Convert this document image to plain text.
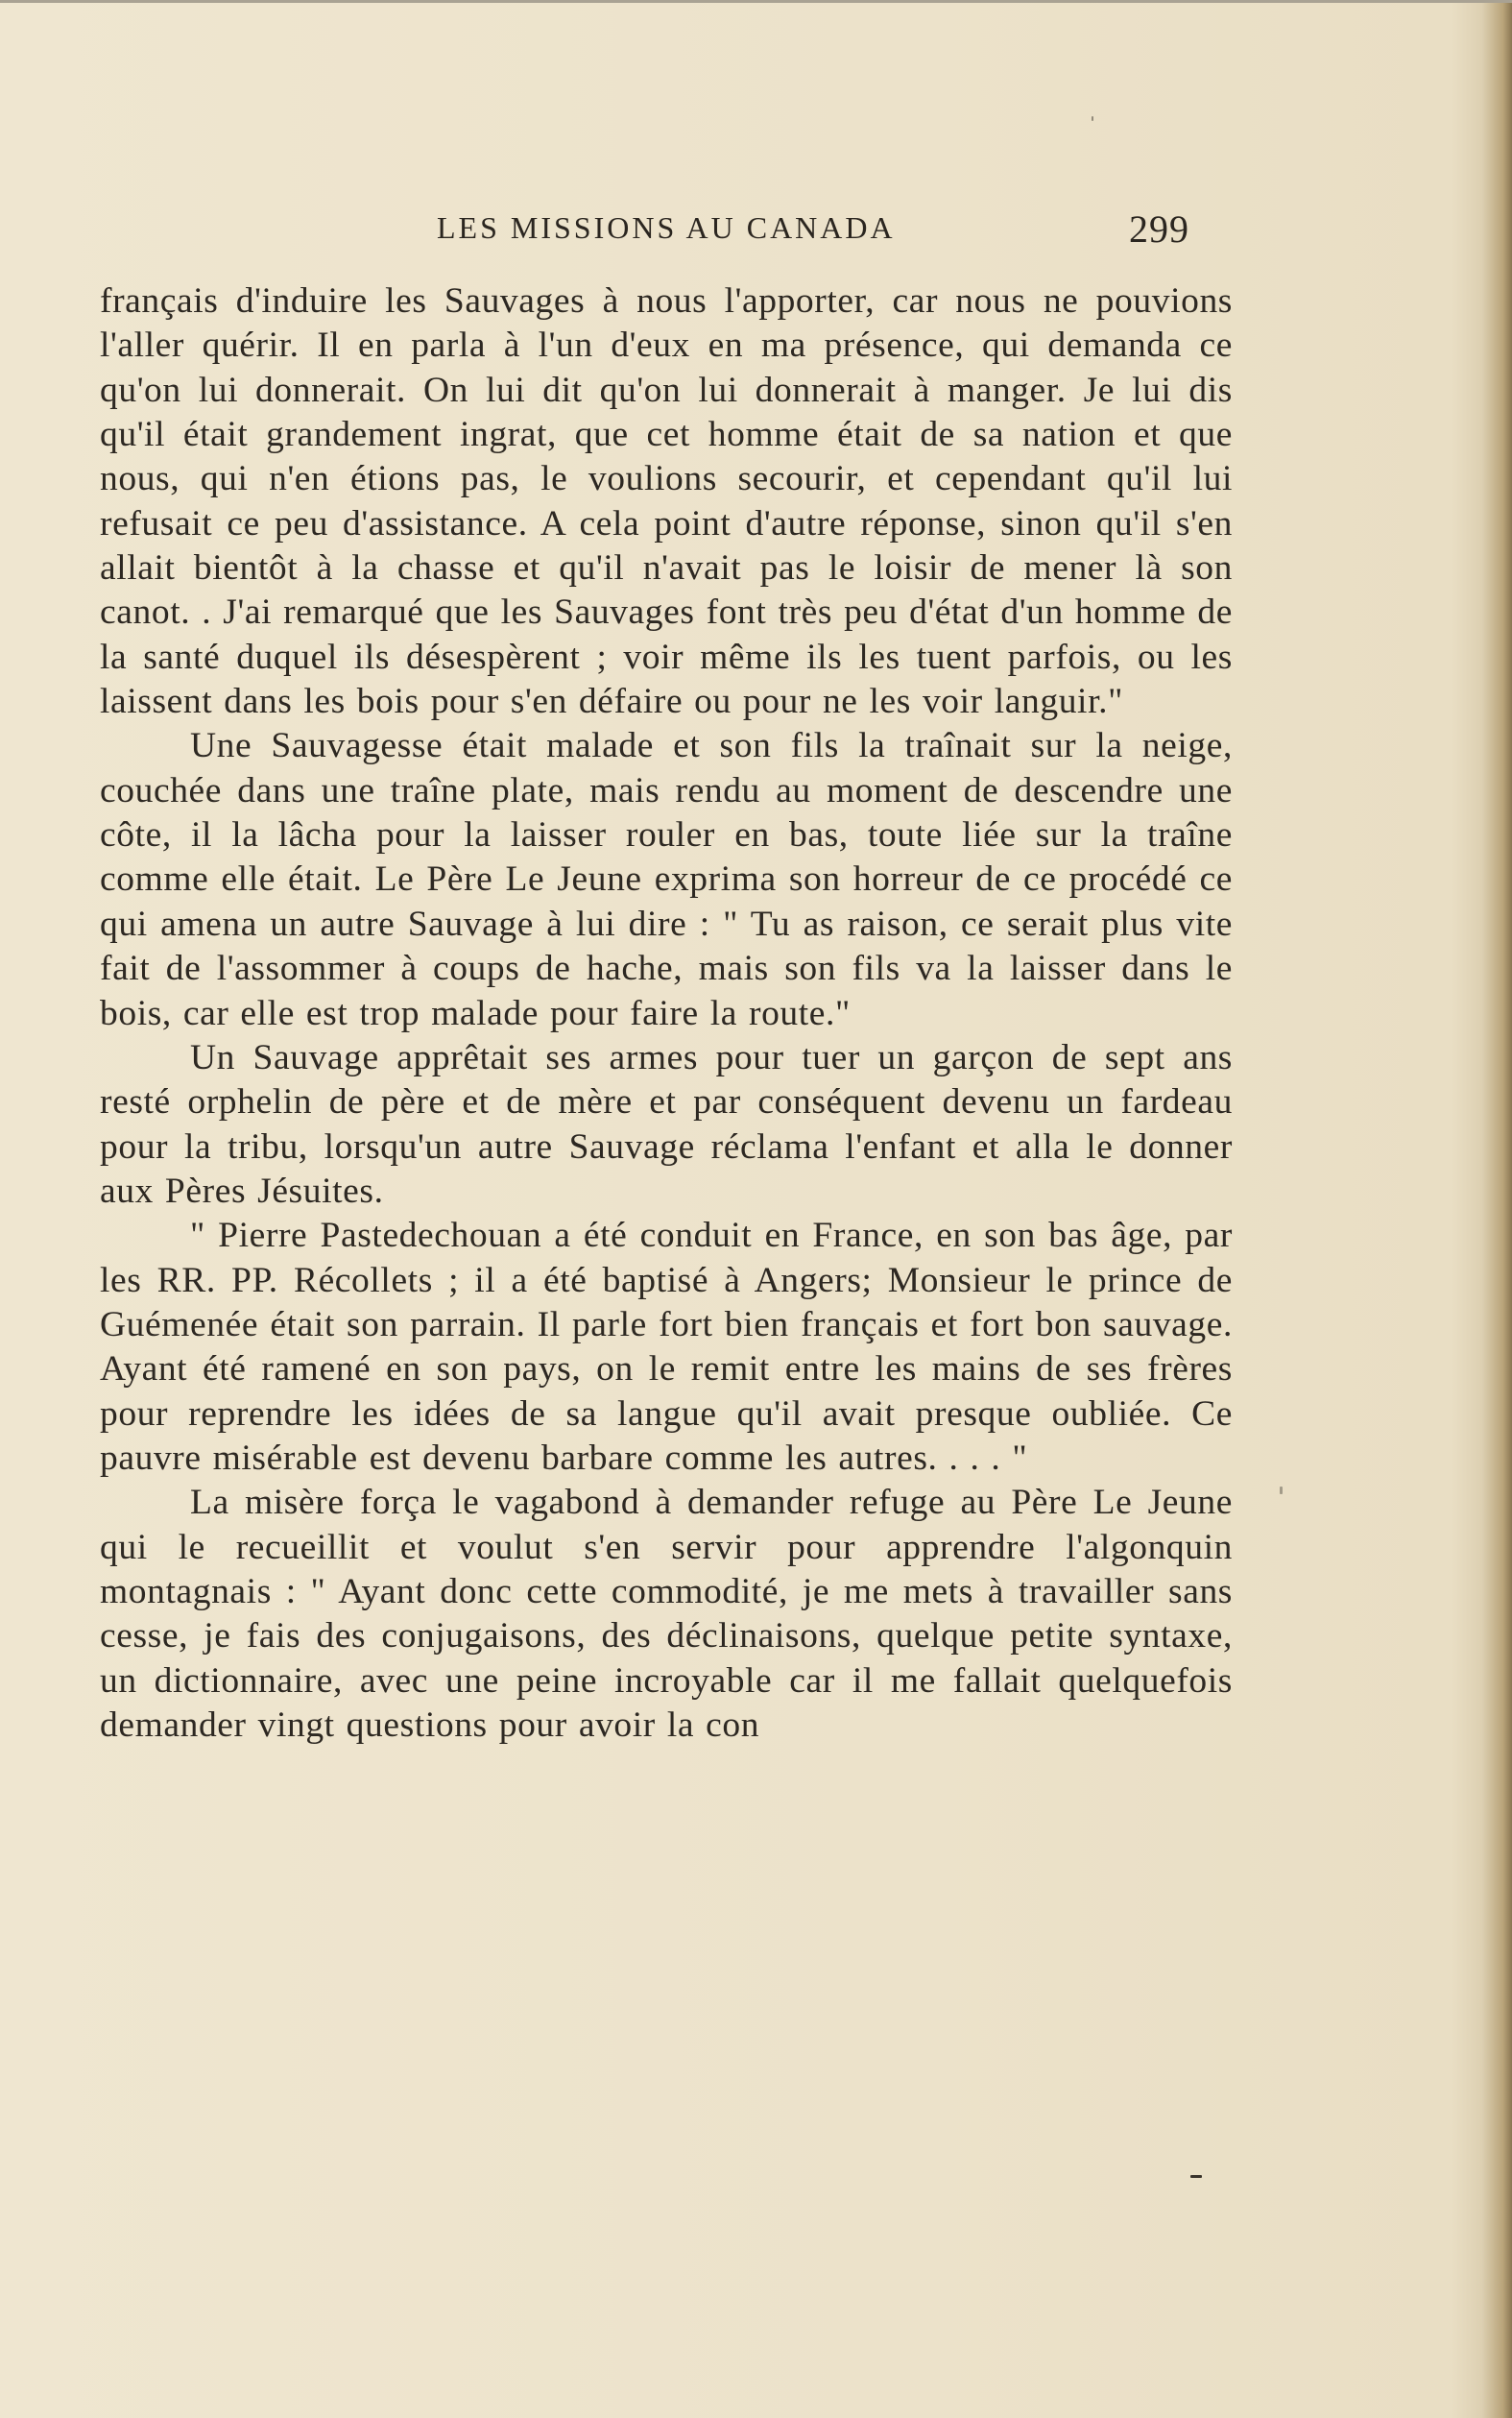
LES MISSIONS AU CANADA	299

français d'induire les Sauvages à nous l'apporter, car nous ne pouvions l'aller quérir. Il en parla à l'un d'eux en ma présence, qui demanda ce qu'on lui donnerait. On lui dit qu'on lui donnerait à manger. Je lui dis qu'il était grandement ingrat, que cet homme était de sa nation et que nous, qui n'en étions pas, le voulions secourir, et cependant qu'il lui refusait ce peu d'assistance. A cela point d'autre réponse, sinon qu'il s'en allait bientôt à la chasse et qu'il n'avait pas le loisir de mener là son canot. . J'ai remarqué que les Sauvages font très peu d'état d'un homme de la santé duquel ils désespèrent ; voir même ils les tuent parfois, ou les laissent dans les bois pour s'en défaire ou pour ne les voir languir."

Une Sauvagesse était malade et son fils la traînait sur la neige, couchée dans une traîne plate, mais rendu au moment de descendre une côte, il la lâcha pour la laisser rouler en bas, toute liée sur la traîne comme elle était. Le Père Le Jeune exprima son horreur de ce procédé ce qui amena un autre Sauvage à lui dire : " Tu as raison, ce serait plus vite fait de l'assommer à coups de hache, mais son fils va la laisser dans le bois, car elle est trop malade pour faire la route."

Un Sauvage apprêtait ses armes pour tuer un garçon de sept ans resté orphelin de père et de mère et par conséquent devenu un fardeau pour la tribu, lorsqu'un autre Sauvage réclama l'enfant et alla le donner aux Pères Jésuites.

" Pierre Pastedechouan a été conduit en France, en son bas âge, par les RR. PP. Récollets ; il a été baptisé à Angers; Monsieur le prince de Guémenée était son parrain. Il parle fort bien français et fort bon sauvage. Ayant été ramené en son pays, on le remit entre les mains de ses frères pour reprendre les idées de sa langue qu'il avait presque oubliée. Ce pauvre misérable est devenu barbare comme les autres. . . . "

La misère força le vagabond à demander refuge au Père Le Jeune qui le recueillit et voulut s'en servir pour apprendre l'algonquin montagnais : " Ayant donc cette commodité, je me mets à travailler sans cesse, je fais des conjugaisons, des déclinaisons, quelque petite syntaxe, un dictionnaire, avec une peine incroyable car il me fallait quelquefois demander vingt questions pour avoir la con
